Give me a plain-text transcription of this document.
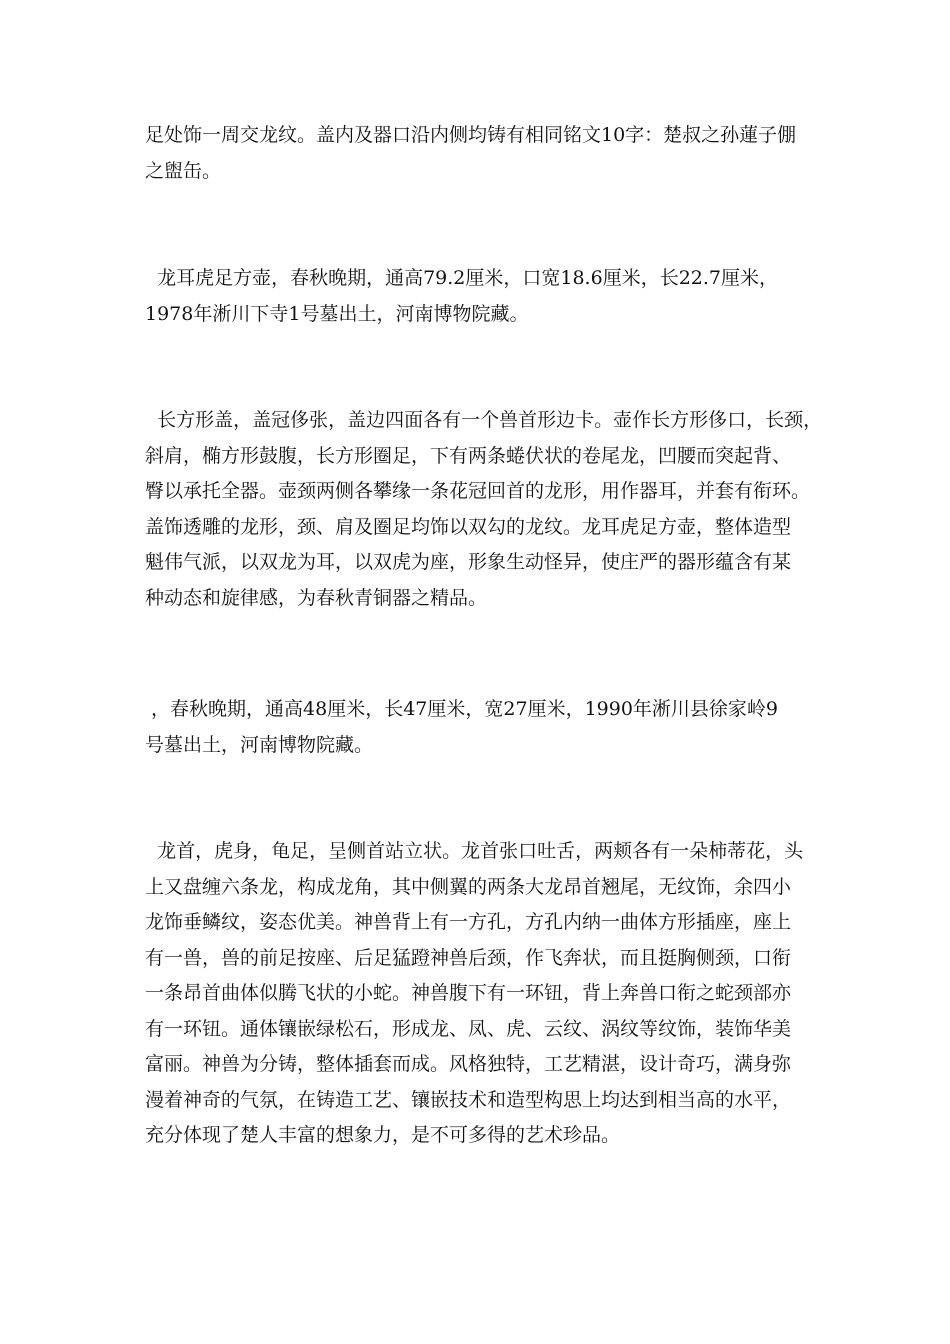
足处饰一周交龙纹。盖内及器口沿内侧均铸有相同铭文10字：楚叔之孙蓮子倗
之盥缶。
龙耳虎足方壶，春秋晚期，通高79.2厘米，口宽18.6厘米，长22.7厘米，
1978年淅川下寺1号墓出土，河南博物院藏。
长方形盖，盖冠侈张，盖边四面各有一个兽首形边卡。壶作长方形侈口，长颈，
斜肩，椭方形鼓腹，长方形圈足，下有两条蜷伏状的卷尾龙，凹腰而突起背、
臀以承托全器。壶颈两侧各攀缘一条花冠回首的龙形，用作器耳，并套有衔环。
盖饰透雕的龙形，颈、肩及圈足均饰以双勾的龙纹。龙耳虎足方壶，整体造型
魁伟气派，以双龙为耳，以双虎为座，形象生动怪异，使庄严的器形蕴含有某
种动态和旋律感，为春秋青铜器之精品。
，春秋晚期，通高48厘米，长47厘米，宽27厘米，1990年淅川县徐家岭9
号墓出土，河南博物院藏。
龙首，虎身，龟足，呈侧首站立状。龙首张口吐舌，两颊各有一朵柿蒂花，头
上又盘缠六条龙，构成龙角，其中侧翼的两条大龙昂首翘尾，无纹饰，余四小
龙饰垂鳞纹，姿态优美。神兽背上有一方孔，方孔内纳一曲体方形插座，座上
有一兽，兽的前足按座、后足猛蹬神兽后颈，作飞奔状，而且挺胸侧颈，口衔
一条昂首曲体似腾飞状的小蛇。神兽腹下有一环钮，背上奔兽口衔之蛇颈部亦
有一环钮。通体镶嵌绿松石，形成龙、凤、虎、云纹、涡纹等纹饰，装饰华美
富丽。神兽为分铸，整体插套而成。风格独特，工艺精湛，设计奇巧，满身弥
漫着神奇的气氛，在铸造工艺、镶嵌技术和造型构思上均达到相当高的水平，
充分体现了楚人丰富的想象力，是不可多得的艺术珍品。
